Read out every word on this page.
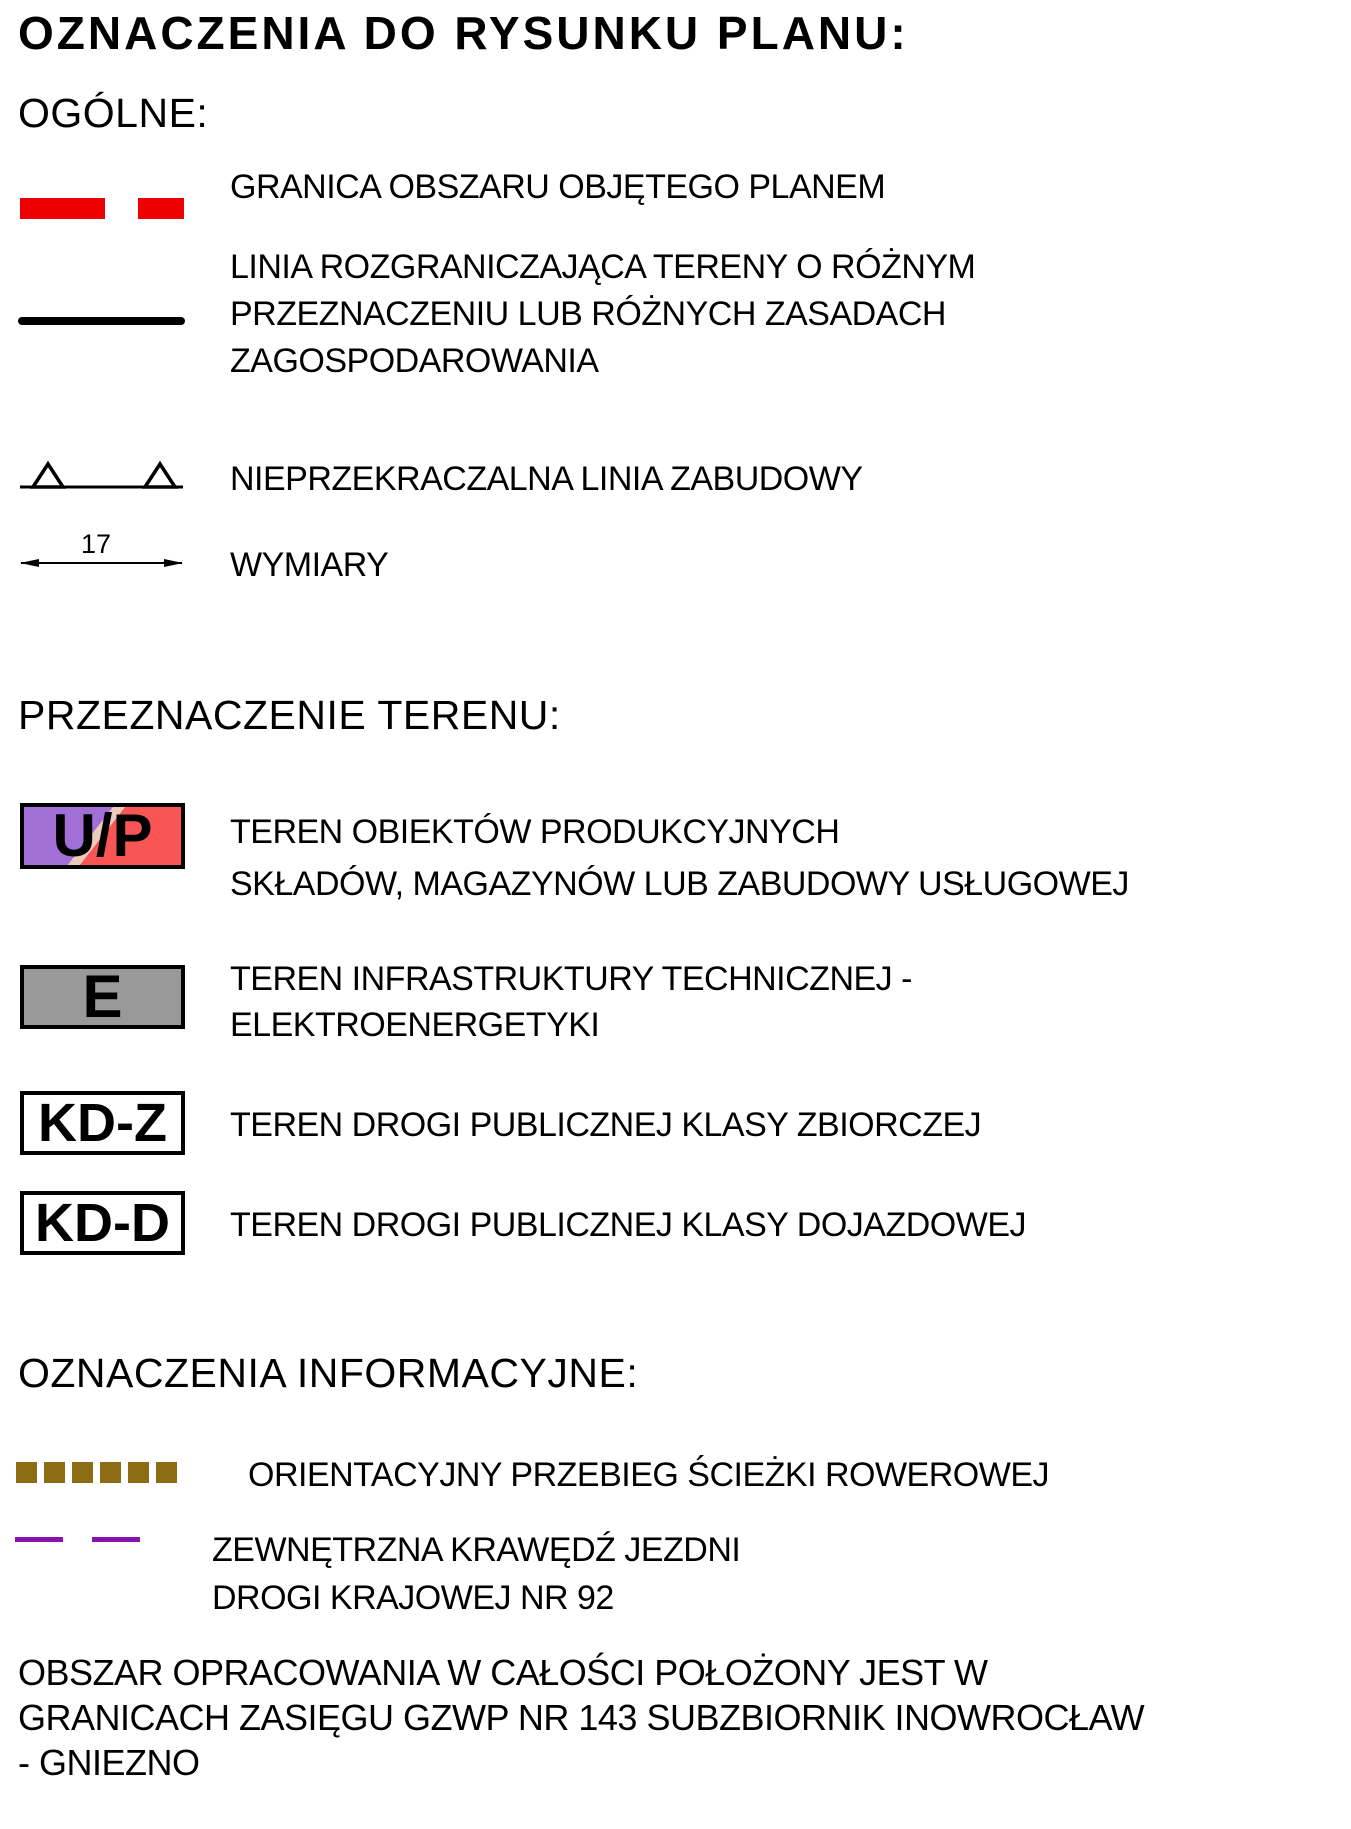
OZNACZENIA DO RYSUNKU PLANU:
OGÓLNE:
GRANICA OBSZARU OBJĘTEGO PLANEM
LINIA ROZGRANICZAJĄCA TERENY O RÓŻNYM
PRZEZNACZENIU LUB RÓŻNYCH ZASADACH
ZAGOSPODAROWANIA
NIEPRZEKRACZALNA LINIA ZABUDOWY
17
WYMIARY
PRZEZNACZENIE TERENU:
U/P TEREN OBIEKTÓW PRODUKCYJNYCH
SKŁADÓW, MAGAZYNÓW LUB ZABUDOWY USŁUGOWEJ
E	TEREN INFRASTRUKTURY TECHNICZNEJ -
ELEKTROENERGETYKI
KD-Z TEREN DROGI PUBLICZNEJ KLASY ZBIORCZEJ
KD-D TEREN DROGI PUBLICZNEJ KLASY DOJAZDOWEJ
OZNACZENIA INFORMACYJNE:
ORIENTACYJNY PRZEBIEG ŚCIEŻKI ROWEROWEJ
ZEWNĘTRZNA KRAWĘDŹ JEZDNI
DROGI KRAJOWEJ NR 92
OBSZAR OPRACOWANIA W CAŁOŚCI POŁOŻONY JEST W
GRANICACH ZASIĘGU GZWP NR 143 SUBZBIORNIK INOWROCŁAW
- GNIEZNO
